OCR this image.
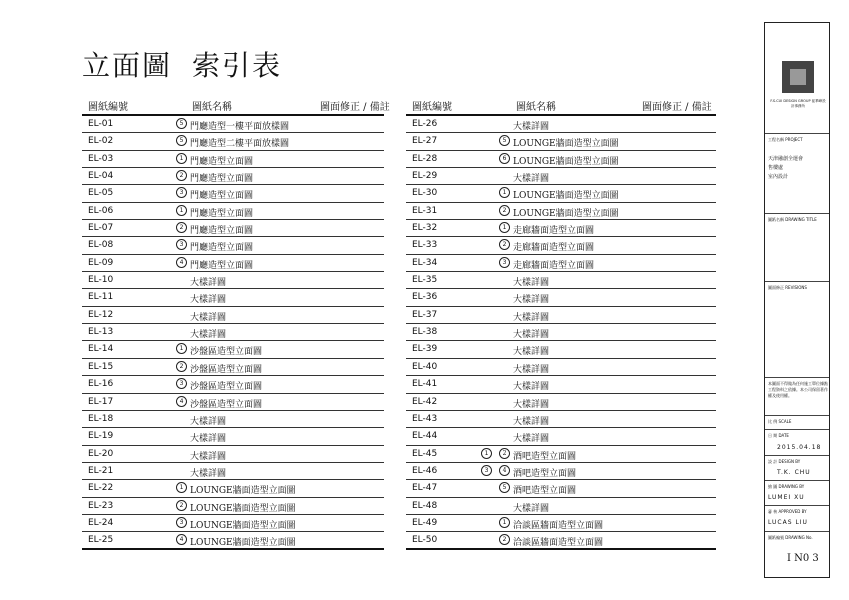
立面圖 索引表
圖紙編號	圖紙名稱	圖面修正 / 備註
EL-01	5 門廳造型一樓平面放樣圖
EL-02	5 門廳造型二樓平面放樣圖
EL-03	1 門廳造型立面圖
EL-04	2 門廳造型立面圖
EL-05	3 門廳造型立面圖
EL-06	1 門廳造型立面圖
EL-07	2 門廳造型立面圖
EL-08	3 門廳造型立面圖
EL-09	4 門廳造型立面圖
EL-10	大樣詳圖
EL-11	大樣詳圖
EL-12	大樣詳圖
EL-13	大樣詳圖
EL-14	1 沙盤區造型立面圖
EL-15	2 沙盤區造型立面圖
EL-16	3 沙盤區造型立面圖
EL-17	4 沙盤區造型立面圖
EL-18	大樣詳圖
EL-19	大樣詳圖
EL-20	大樣詳圖
EL-21	大樣詳圖
EL-22	1 LOUNGE牆面造型立面圖
EL-23	2 LOUNGE牆面造型立面圖
EL-24	3 LOUNGE牆面造型立面圖
EL-25	4 LOUNGE牆面造型立面圖
圖紙編號	圖紙名稱	圖面修正 / 備註
EL-26	大樣詳圖
EL-27	5 LOUNGE牆面造型立面圖
EL-28	6 LOUNGE牆面造型立面圖
EL-29	大樣詳圖
EL-30	1 LOUNGE牆面造型立面圖
EL-31	2 LOUNGE牆面造型立面圖
EL-32	1 走廊牆面造型立面圖
EL-33	2 走廊牆面造型立面圖
EL-34	3 走廊牆面造型立面圖
EL-35	大樣詳圖
EL-36	大樣詳圖
EL-37	大樣詳圖
EL-38	大樣詳圖
EL-39	大樣詳圖
EL-40	大樣詳圖
EL-41	大樣詳圖
EL-42	大樣詳圖
EL-43	大樣詳圖
EL-44	大樣詳圖
EL-45	1	2 酒吧造型立面圖
EL-46	3	4 酒吧造型立面圖
EL-47	5 酒吧造型立面圖
EL-48	大樣詳圖
EL-49	1 洽談區牆面造型立面圖
EL-50	2 洽談區牆面造型立面圖
F.S.CUI DESIGN GROUP 崔華峰設計事務所
工程名稱 PROJECT
天津融創全運會
售樓處
室內設計
圖紙名稱 DRAWING TITLE
圖面修正 REVISIONS
本圖面不得做為任何施工單位據點工程資料之依據。本公司保留著作權及使用權。
比 例 SCALE
日 期 DATE
2015.04.18
設 計 DESIGN BY
T.K. CHU
繪 圖 DRAWING BY
LUMEI XU
審 核 APPROVED BY
LUCAS LIU
圖紙編號 DRAWING No.
I N0 3
